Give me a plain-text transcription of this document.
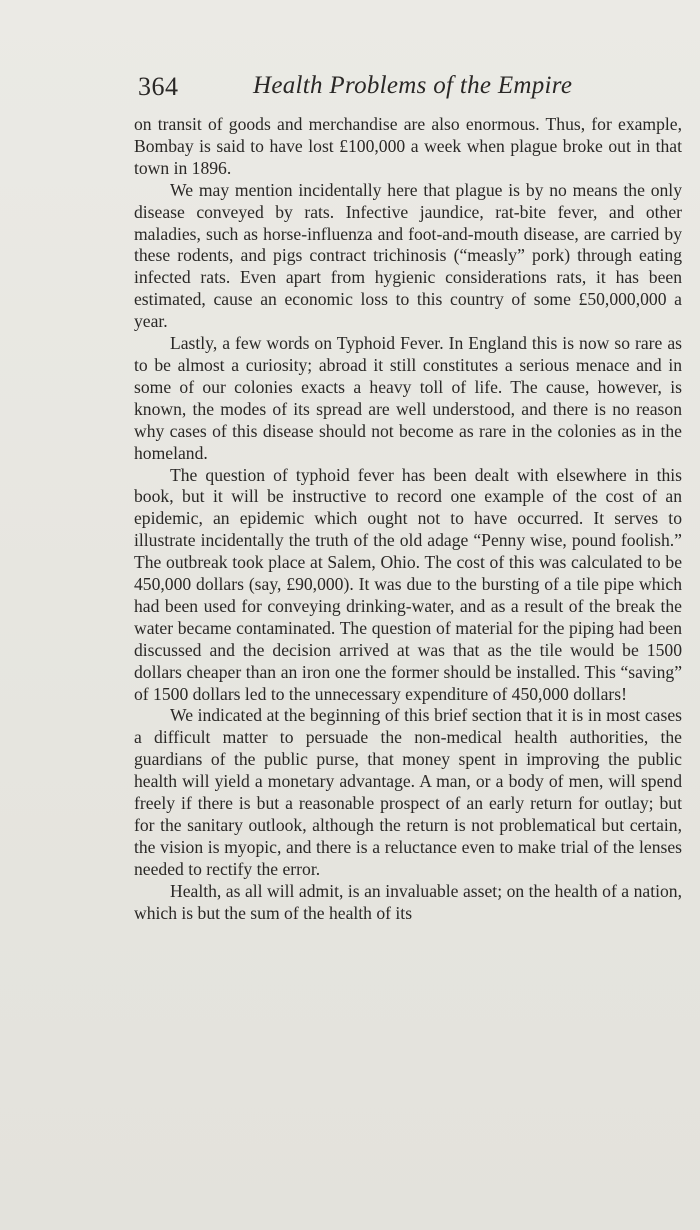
364	Health Problems of the Empire

on transit of goods and merchandise are also enormous. Thus, for example, Bombay is said to have lost £100,000 a week when plague broke out in that town in 1896.

We may mention incidentally here that plague is by no means the only disease conveyed by rats. Infective jaundice, rat-bite fever, and other maladies, such as horse-influenza and foot-and-mouth disease, are carried by these rodents, and pigs contract trichinosis (“measly” pork) through eating infected rats. Even apart from hygienic considerations rats, it has been estimated, cause an economic loss to this country of some £50,000,000 a year.

Lastly, a few words on Typhoid Fever. In England this is now so rare as to be almost a curiosity; abroad it still constitutes a serious menace and in some of our colonies exacts a heavy toll of life. The cause, however, is known, the modes of its spread are well understood, and there is no reason why cases of this disease should not become as rare in the colonies as in the homeland.

The question of typhoid fever has been dealt with elsewhere in this book, but it will be instructive to record one example of the cost of an epidemic, an epidemic which ought not to have occurred. It serves to illustrate incidentally the truth of the old adage “Penny wise, pound foolish.” The outbreak took place at Salem, Ohio. The cost of this was calculated to be 450,000 dollars (say, £90,000). It was due to the bursting of a tile pipe which had been used for conveying drinking-water, and as a result of the break the water became contaminated. The question of material for the piping had been discussed and the decision arrived at was that as the tile would be 1500 dollars cheaper than an iron one the former should be installed. This “saving” of 1500 dollars led to the unnecessary expenditure of 450,000 dollars!

We indicated at the beginning of this brief section that it is in most cases a difficult matter to persuade the non-medical health authorities, the guardians of the public purse, that money spent in improving the public health will yield a monetary advantage. A man, or a body of men, will spend freely if there is but a reasonable prospect of an early return for outlay; but for the sanitary outlook, although the return is not problematical but certain, the vision is myopic, and there is a reluctance even to make trial of the lenses needed to rectify the error.

Health, as all will admit, is an invaluable asset; on the health of a nation, which is but the sum of the health of its
